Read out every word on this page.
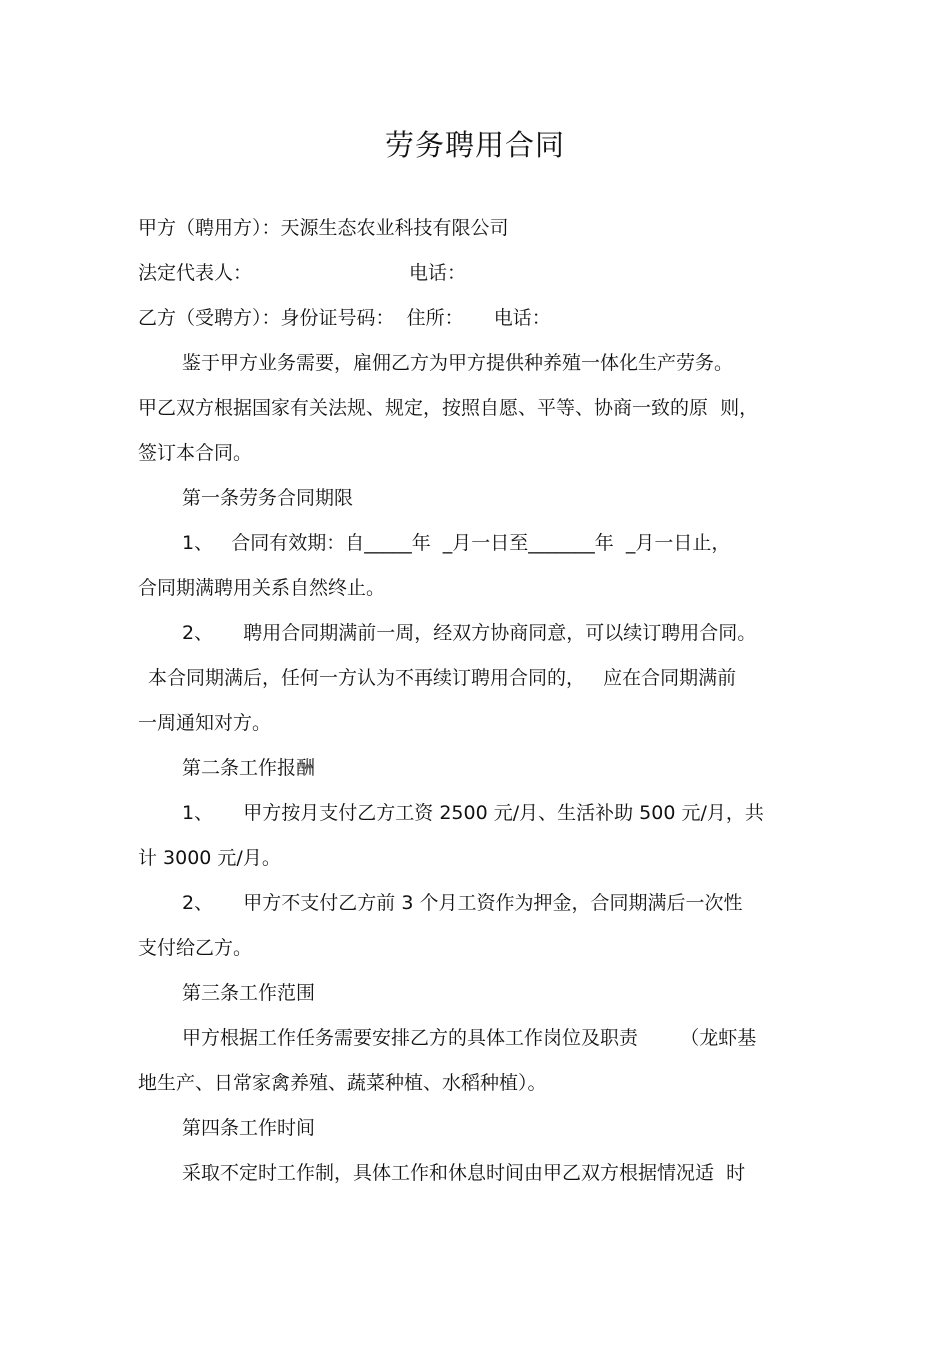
劳务聘用合同
甲方（聘用方）：天源生态农业科技有限公司
法定代表人：                          电话：
乙方（受聘方）：身份证号码：  住所：     电话：
鉴于甲方业务需要，雇佣乙方为甲方提供种养殖一体化生产劳务。
甲乙双方根据国家有关法规、规定，按照自愿、平等、协商一致的原  则，
签订本合同。
第一条劳务合同期限
1、   合同有效期：自_____年  _月一日至_______年  _月一日止，
合同期满聘用关系自然终止。
2、     聘用合同期满前一周，经双方协商同意，可以续订聘用合同。
本合同期满后，任何一方认为不再续订聘用合同的，   应在合同期满前
一周通知对方。
第二条工作报酬
1、     甲方按月支付乙方工资 2500 元/月、生活补助 500 元/月，共
计 3000 元/月。
2、     甲方不支付乙方前 3 个月工资作为押金，合同期满后一次性
支付给乙方。
第三条工作范围
甲方根据工作任务需要安排乙方的具体工作岗位及职责       （龙虾基
地生产、日常家禽养殖、蔬菜种植、水稻种植）。
第四条工作时间
采取不定时工作制，具体工作和休息时间由甲乙双方根据情况适  时
